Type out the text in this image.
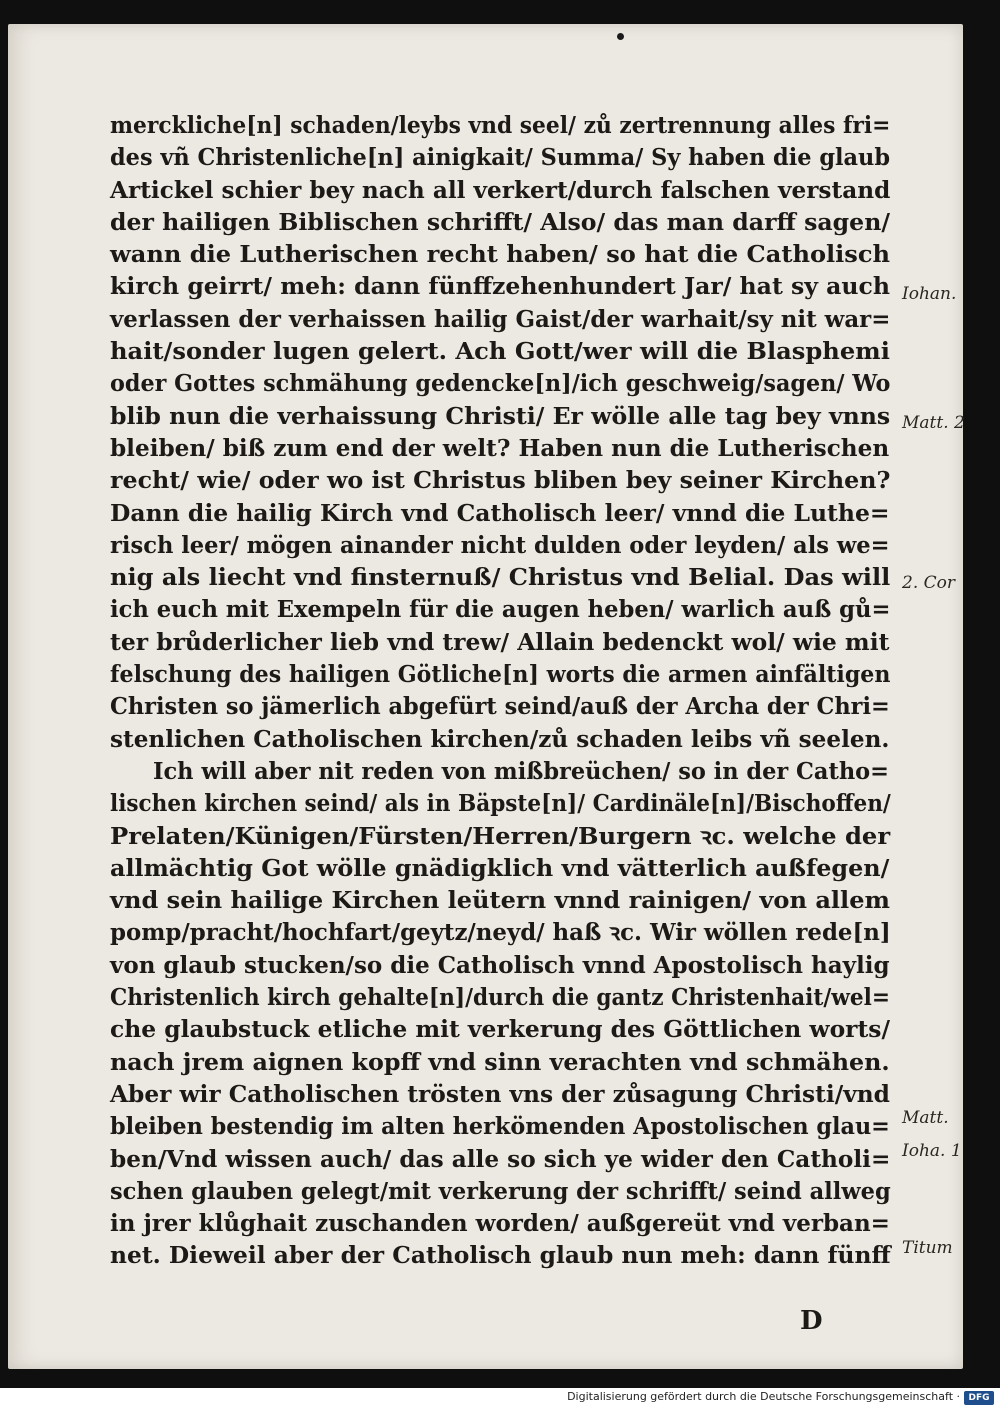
merckliche[n] schaden/leybs vnd seel/ zů zertrennung alles fri=
des vñ Christenliche[n] ainigkait/ Summa/ Sy haben die glaub
Artickel schier bey nach all verkert/durch falschen verstand
der hailigen Biblischen schrifft/ Also/ das man darff sagen/
wann die Lutherischen recht haben/ so hat die Catholisch
kirch geirrt/ meh: dann fünffzehenhundert Jar/ hat sy auch
verlassen der verhaissen hailig Gaist/der warhait/sy nit war=
hait/sonder lugen gelert. Ach Gott/wer will die Blasphemi
oder Gottes schmähung gedencke[n]/ich geschweig/sagen/ Wo
blib nun die verhaissung Christi/ Er wölle alle tag bey vnns
bleiben/ biß zum end der welt? Haben nun die Lutherischen
recht/ wie/ oder wo ist Christus bliben bey seiner Kirchen?
Dann die hailig Kirch vnd Catholisch leer/ vnnd die Luthe=
risch leer/ mögen ainander nicht dulden oder leyden/ als we=
nig als liecht vnd finsternuß/ Christus vnd Belial. Das will
ich euch mit Exempeln für die augen heben/ warlich auß gů=
ter brůderlicher lieb vnd trew/ Allain bedenckt wol/ wie mit
felschung des hailigen Götliche[n] worts die armen ainfältigen
Christen so jämerlich abgefürt seind/auß der Archa der Chri=
stenlichen Catholischen kirchen/zů schaden leibs vñ seelen.
Ich will aber nit reden von mißbreüchen/ so in der Catho=
lischen kirchen seind/ als in Bäpste[n]/ Cardinäle[n]/Bischoffen/
Prelaten/Künigen/Fürsten/Herren/Burgern ꝛc. welche der
allmächtig Got wölle gnädigklich vnd vätterlich außfegen/
vnd sein hailige Kirchen leütern vnnd rainigen/ von allem
pomp/pracht/hochfart/geytz/neyd/ haß ꝛc. Wir wöllen rede[n]
von glaub stucken/so die Catholisch vnnd Apostolisch haylig
Christenlich kirch gehalte[n]/durch die gantz Christenhait/wel=
che glaubstuck etliche mit verkerung des Göttlichen worts/
nach jrem aignen kopff vnd sinn verachten vnd schmähen.
Aber wir Catholischen trösten vns der zůsagung Christi/vnd
bleiben bestendig im alten herkömenden Apostolischen glau=
ben/Vnd wissen auch/ das alle so sich ye wider den Catholi=
schen glauben gelegt/mit verkerung der schrifft/ seind allweg
in jrer klůghait zuschanden worden/ außgereüt vnd verban=
net. Dieweil aber der Catholisch glaub nun meh: dann fünff
Iohan.
Matt. 2
2. Cor
Matt.
Ioha. 1
Titum
D
Digitalisierung gefördert durch die Deutsche Forschungsgemeinschaft · DFG
